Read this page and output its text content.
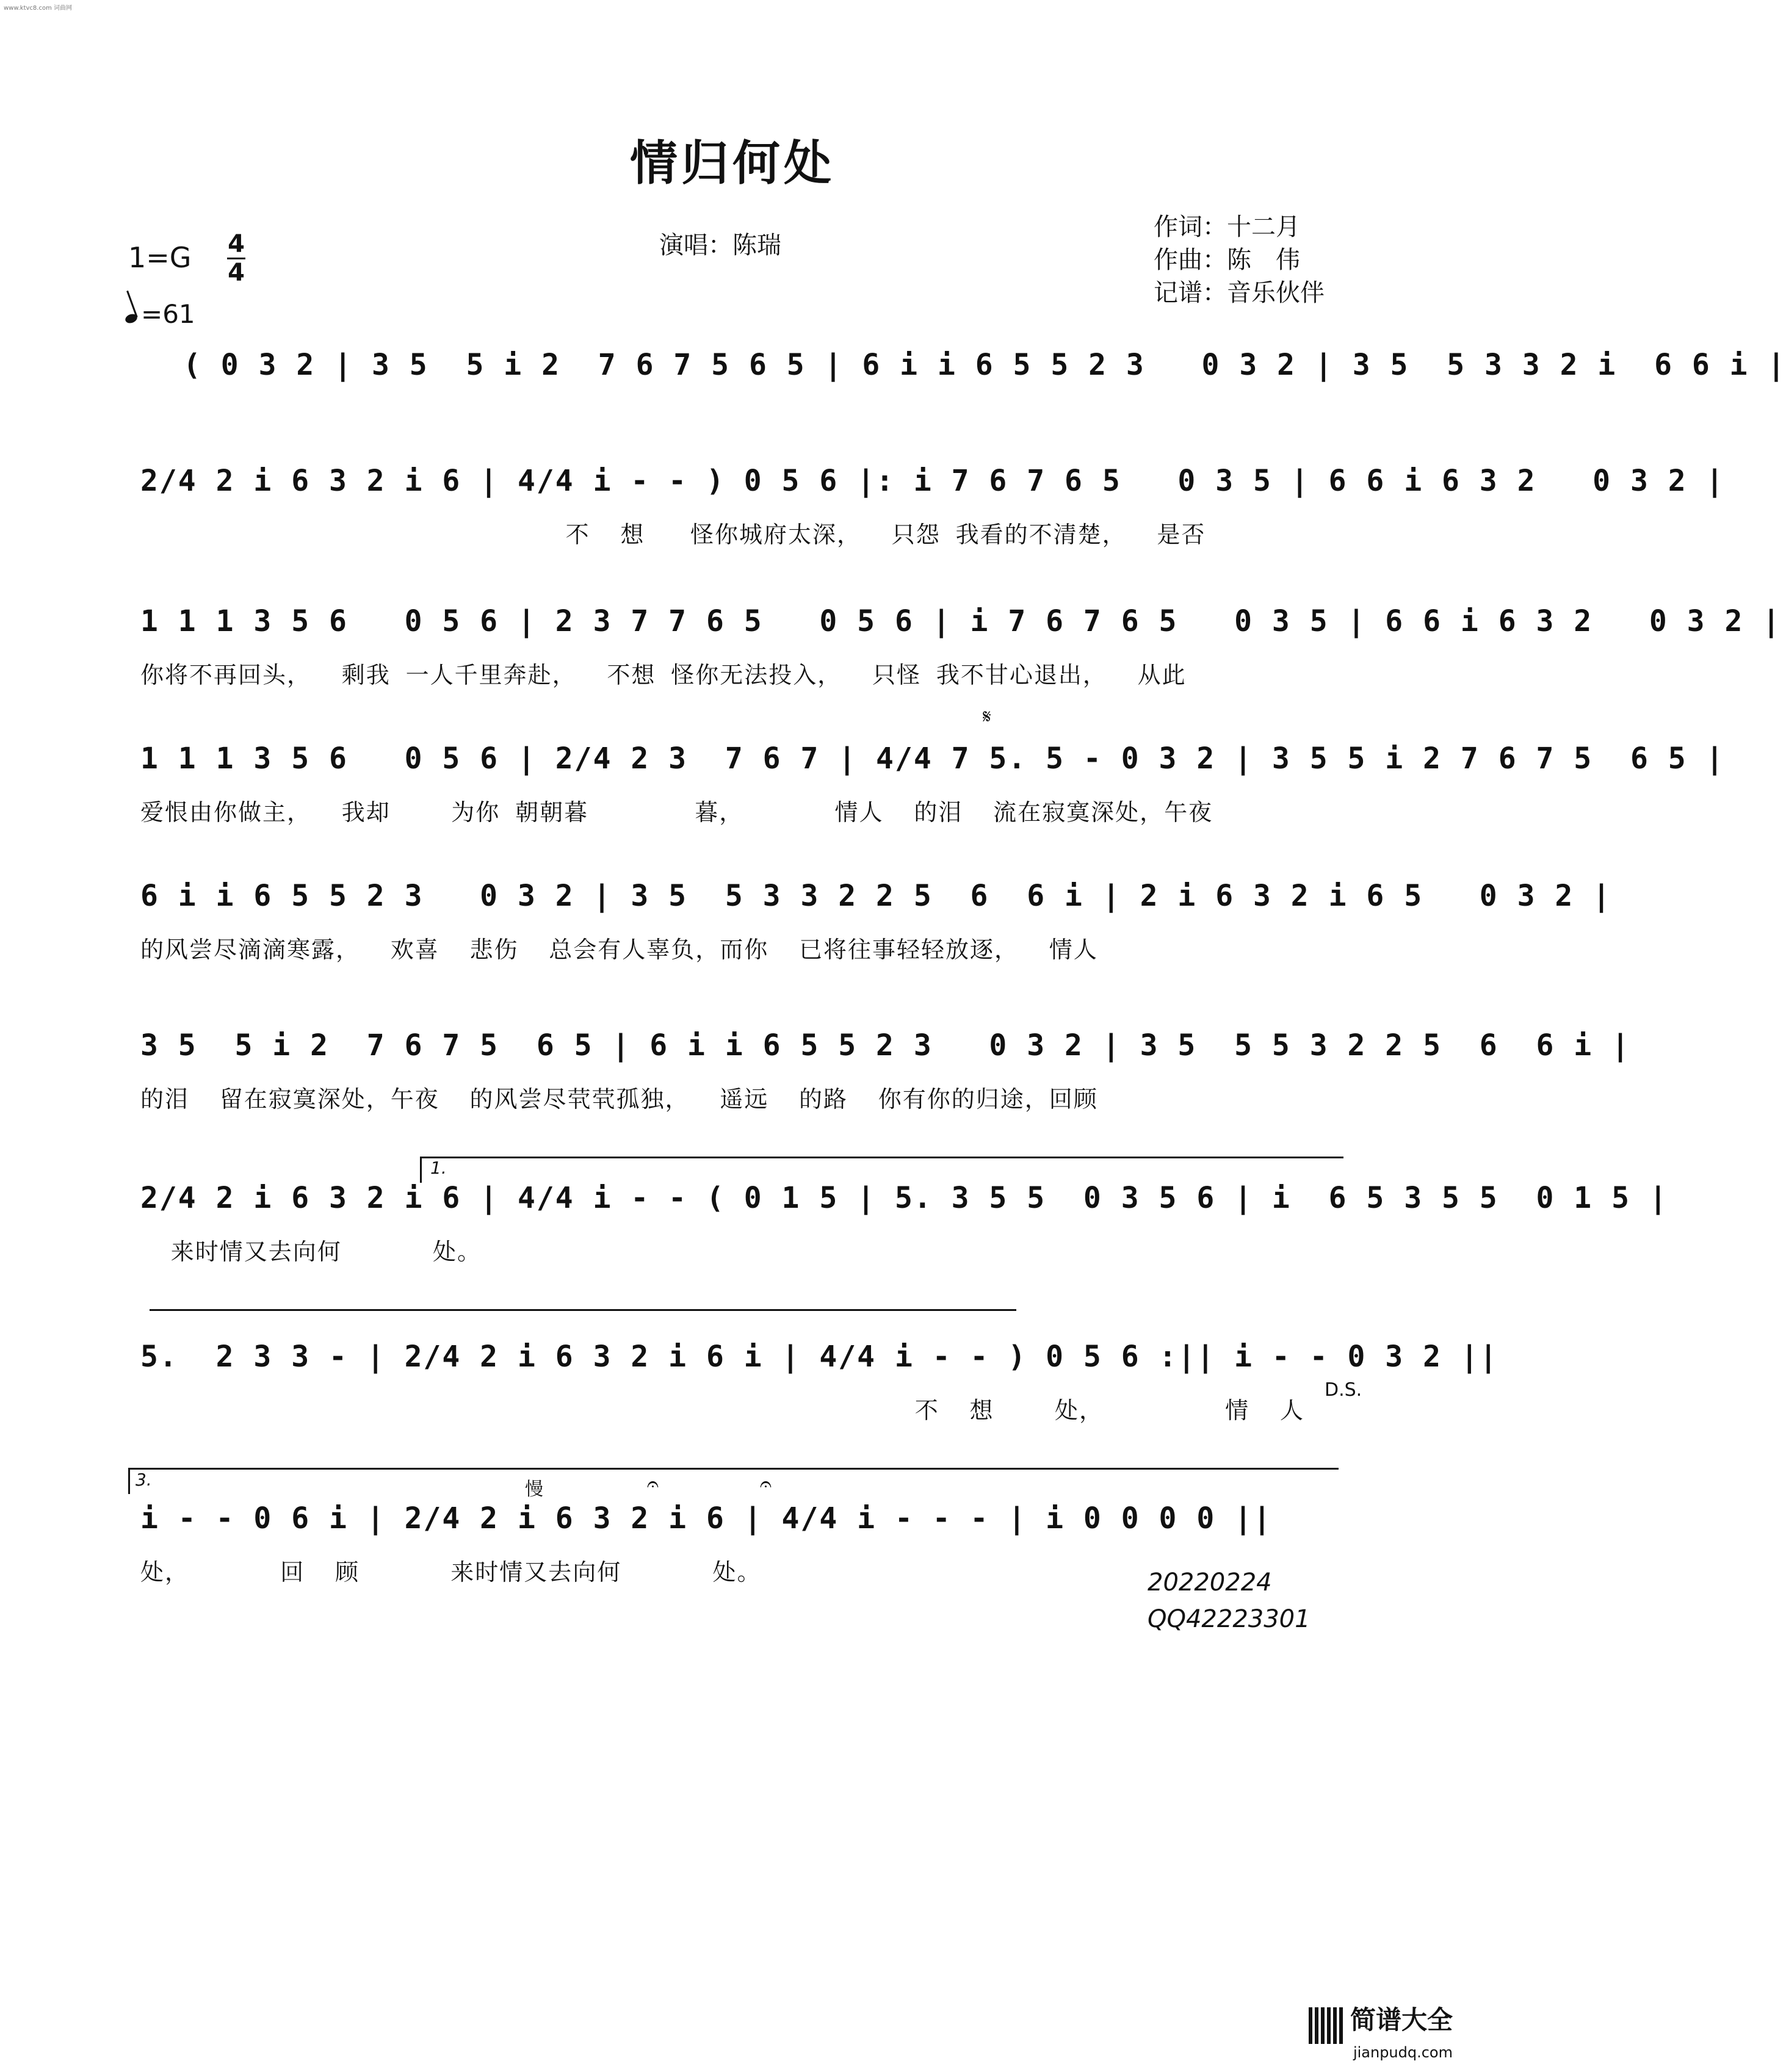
www.ktvc8.com 词曲网
情归何处
1=G 4
4
=61
演唱：陈瑞
作词：十二月
作曲：陈　伟
记谱：音乐伙伴
( 0 3 2 | 3 5  5 i 2  7 6 7 5 6 5 | 6 i i 6 5 5 2 3   0 3 2 | 3 5  5 3 3 2 i  6 6 i |
2/4 2 i 6 3 2 i 6 | 4/4 i - - ) 0 5 6 |: i 7 6 7 6 5   0 3 5 | 6 6 i 6 3 2   0 3 2 |
不  想   怪你城府太深，  只怨 我看的不清楚，  是否
1 1 1 3 5 6   0 5 6 | 2 3 7 7 6 5   0 5 6 | i 7 6 7 6 5   0 3 5 | 6 6 i 6 3 2   0 3 2 |
你将不再回头，  剩我 一人千里奔赴，  不想 怪你无法投入，  只怪 我不甘心退出，  从此
𝄋
1 1 1 3 5 6   0 5 6 | 2/4 2 3  7 6 7 | 4/4 7 5. 5 - 0 3 2 | 3 5 5 i 2 7 6 7 5  6 5 |
爱恨由你做主，  我却    为你 朝朝暮       暮，      情人  的泪  流在寂寞深处，午夜
6 i i 6 5 5 2 3   0 3 2 | 3 5  5 3 3 2 2 5  6  6 i | 2 i 6 3 2 i 6 5   0 3 2 |
的风尝尽滴滴寒露，  欢喜  悲伤  总会有人辜负，而你  已将往事轻轻放逐，  情人
3 5  5 i 2  7 6 7 5  6 5 | 6 i i 6 5 5 2 3   0 3 2 | 3 5  5 5 3 2 2 5  6  6 i |
的泪  留在寂寞深处，午夜  的风尝尽茕茕孤独，  遥远  的路  你有你的归途，回顾
1.
2/4 2 i 6 3 2 i 6 | 4/4 i - - ( 0 1 5 | 5. 3 5 5  0 3 5 6 | i  6 5 3 5 5  0 1 5 |
来时情又去向何      处。
5.  2 3 3 - | 2/4 2 i 6 3 2 i 6 i | 4/4 i - - ) 0 5 6 :|| i - - 0 3 2 ||
不  想    处，        情  人
D.S.
3.	慢	𝄐	𝄐
i - - 0 6 i | 2/4 2 i 6 3 2 i 6 | 4/4 i - - - | i 0 0 0 0 ||
处，      回  顾      来时情又去向何      处。	20220224
QQ42223301
简谱大全
jianpudq.com
